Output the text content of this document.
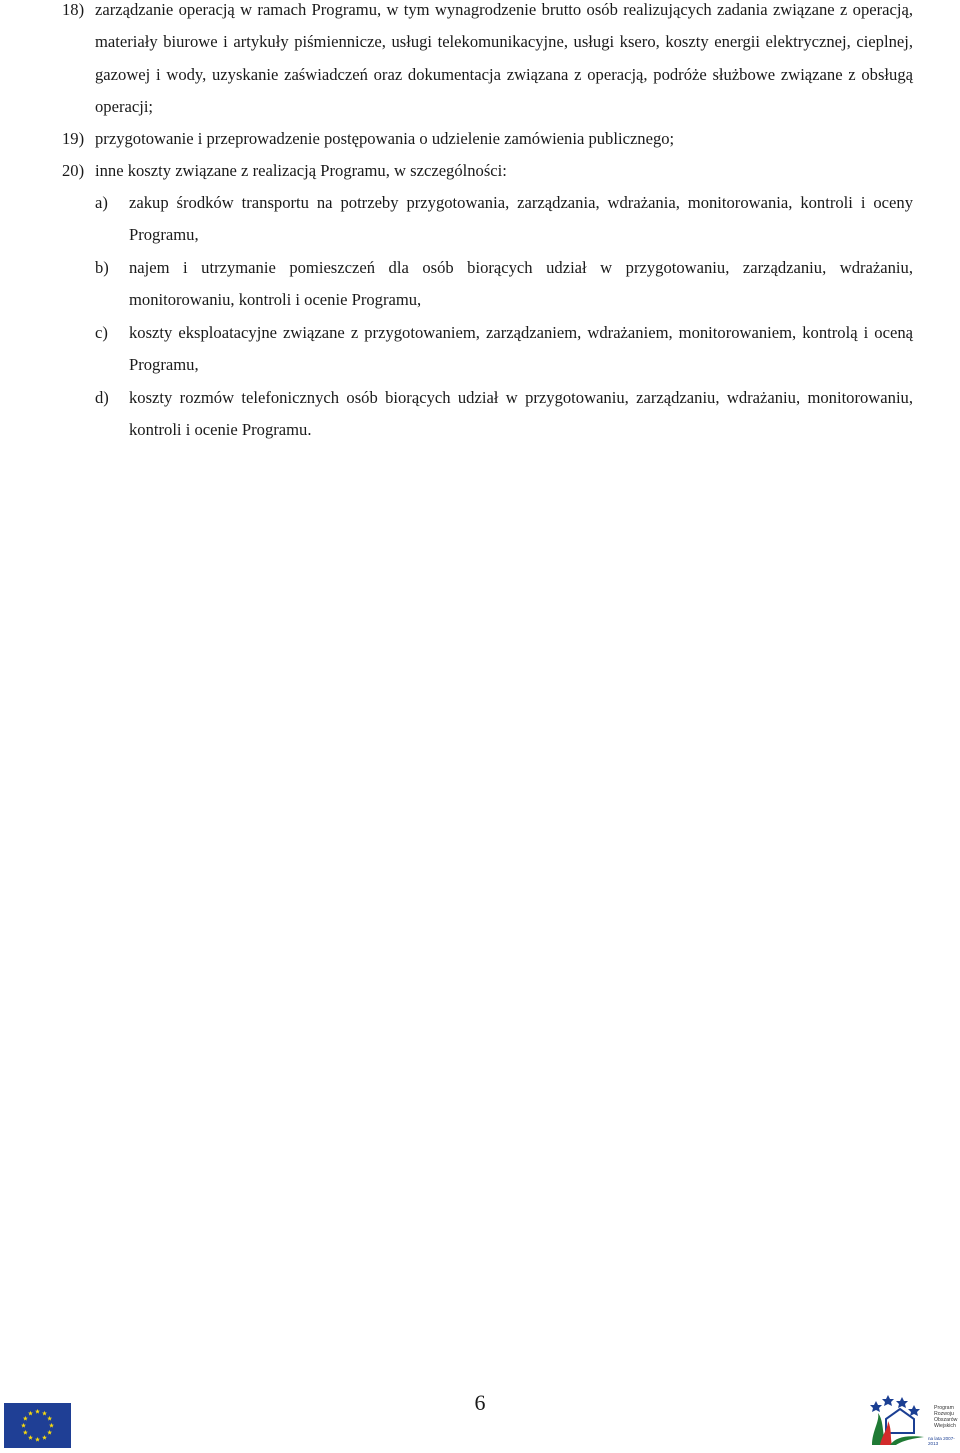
18) zarządzanie operacją w ramach Programu, w tym wynagrodzenie brutto osób realizujących zadania związane z operacją, materiały biurowe i artykuły piśmiennicze, usługi telekomunikacyjne, usługi ksero, koszty energii elektrycznej, cieplnej, gazowej i wody, uzyskanie zaświadczeń oraz dokumentacja związana z operacją, podróże służbowe związane z obsługą operacji;
19) przygotowanie i przeprowadzenie postępowania o udzielenie zamówienia publicznego;
20) inne koszty związane z realizacją Programu, w szczególności:
a) zakup środków transportu na potrzeby przygotowania, zarządzania, wdrażania, monitorowania, kontroli i oceny Programu,
b) najem i utrzymanie pomieszczeń dla osób biorących udział w przygotowaniu, zarządzaniu, wdrażaniu, monitorowaniu, kontroli i ocenie Programu,
c) koszty eksploatacyjne związane z przygotowaniem, zarządzaniem, wdrażaniem, monitorowaniem, kontrolą i oceną Programu,
d) koszty rozmów telefonicznych osób biorących udział w przygotowaniu, zarządzaniu, wdrażaniu, monitorowaniu, kontroli i ocenie Programu.
6	Program
Rozwoju
Obszarów
Wiejskich
na lata 2007-2013
